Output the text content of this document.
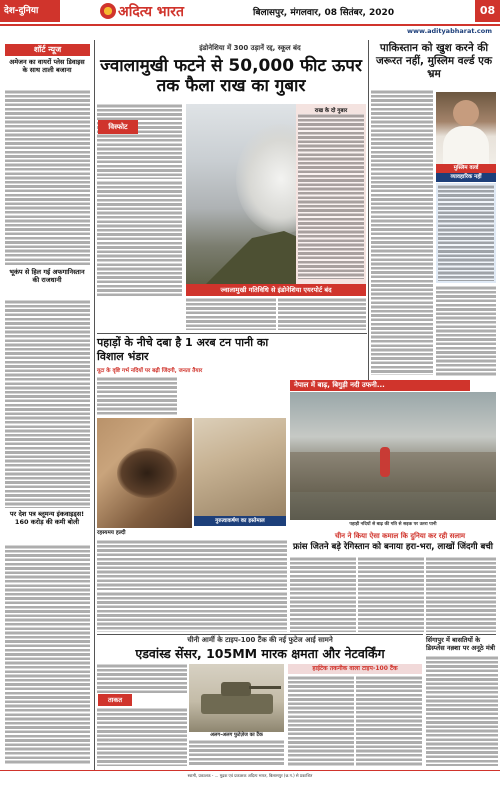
देश-दुनिया	अदित्य भारत	बिलासपुर, मंगलवार, 08 सितंबर, 2020	08
शॉर्ट न्यूज
अमेजन का वायरों प्लेस डिवाइस के साथ ताली बजाना
भूकंप से हिल गई अफगानिस्तान की राजधानी
पर देश पत्र ब्लूमन्य इंकवाइड्स! 160 करोड़ की कमी बोली
इंडोनेशिया में 300 उड़ानें रद्द, स्कूल बंद
ज्वालामुखी फटने से 50,000 फीट ऊपर तक फैला राख का गुबार
विस्फोट
ज्वालामुखी गतिविधि से इंडोनेशिया एयरपोर्ट बंद
राख के दो गुबार
पाकिस्तान को खुश करने की जरूरत नहीं, मुस्लिम वर्ल्ड एक भ्रम
मुस्लिम वर्ल्ड
व्यावहारिक नहीं
पहाड़ों के नीचे दबा है 1 अरब टन पानी का विशाल भंडार
यूटा के वृष्टि गर्भ नदियों पर बढ़ी जिंदगी, जनता तैयार
नेपाल में बाढ़, बिगुड़ी नदी उफनी...
रहस्यमय हल्दी
गुरुत्वाकर्षण का इस्तेमाल
पहाड़ी नदियों से बाढ़ की गति से सड़क पर उतरा पानी
चीन ने किया ऐसा कमाल कि दुनिया कर रही सलाम
फ्रांस जितने बड़े रेगिस्तान को बनाया हरा-भरा, लाखों जिंदगी बची
सिंगापुर में बासतियों के डिस्प्लेस नक़्शा पर अनूठे मंत्री
चीनी आर्मी के टाइप-100 टैंक की नई फुटेज आई सामने
एडवांस्ड सेंसर, 105MM मारक क्षमता और नेटवर्किंग
ताकत
अलग-अलग फुटेज़ेज का टैंक
हाईटेक तकनीक वाला टाइप-100 टैंक
स्वामी, प्रकाशक - ... मुद्रक एवं प्रकाशक अदित्य भारत, बिलासपुर (छ.ग.) से प्रकाशित
www.adityabharat.com
